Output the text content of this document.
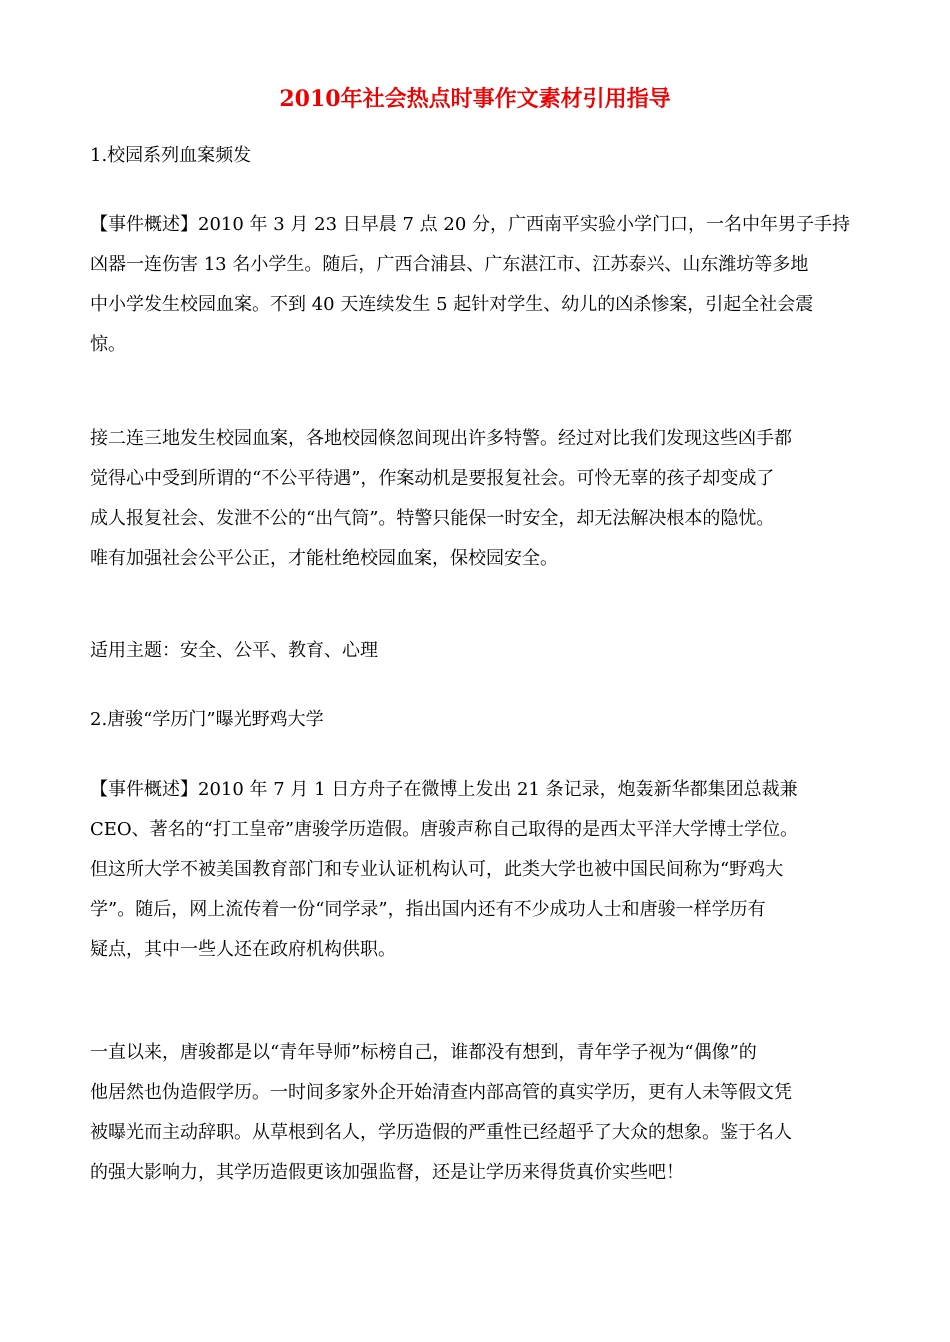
2010年社会热点时事作文素材引用指导
1.校园系列血案频发
【事件概述】2010 年 3 月 23 日早晨 7 点 20 分，广西南平实验小学门口，一名中年男子手持
凶器一连伤害 13 名小学生。随后，广西合浦县、广东湛江市、江苏泰兴、山东潍坊等多地
中小学发生校园血案。不到 40 天连续发生 5 起针对学生、幼儿的凶杀惨案，引起全社会震
惊。
接二连三地发生校园血案，各地校园倏忽间现出许多特警。经过对比我们发现这些凶手都
觉得心中受到所谓的“不公平待遇”，作案动机是要报复社会。可怜无辜的孩子却变成了
成人报复社会、发泄不公的“出气筒”。特警只能保一时安全，却无法解决根本的隐忧。
唯有加强社会公平公正，才能杜绝校园血案，保校园安全。
适用主题：安全、公平、教育、心理
2.唐骏“学历门”曝光野鸡大学
【事件概述】2010 年 7 月 1 日方舟子在微博上发出 21 条记录，炮轰新华都集团总裁兼
CEO、著名的“打工皇帝”唐骏学历造假。唐骏声称自己取得的是西太平洋大学博士学位。
但这所大学不被美国教育部门和专业认证机构认可，此类大学也被中国民间称为“野鸡大
学”。随后，网上流传着一份“同学录”，指出国内还有不少成功人士和唐骏一样学历有
疑点，其中一些人还在政府机构供职。
一直以来，唐骏都是以“青年导师”标榜自己，谁都没有想到，青年学子视为“偶像”的
他居然也伪造假学历。一时间多家外企开始清查内部高管的真实学历，更有人未等假文凭
被曝光而主动辞职。从草根到名人，学历造假的严重性已经超乎了大众的想象。鉴于名人
的强大影响力，其学历造假更该加强监督，还是让学历来得货真价实些吧！
